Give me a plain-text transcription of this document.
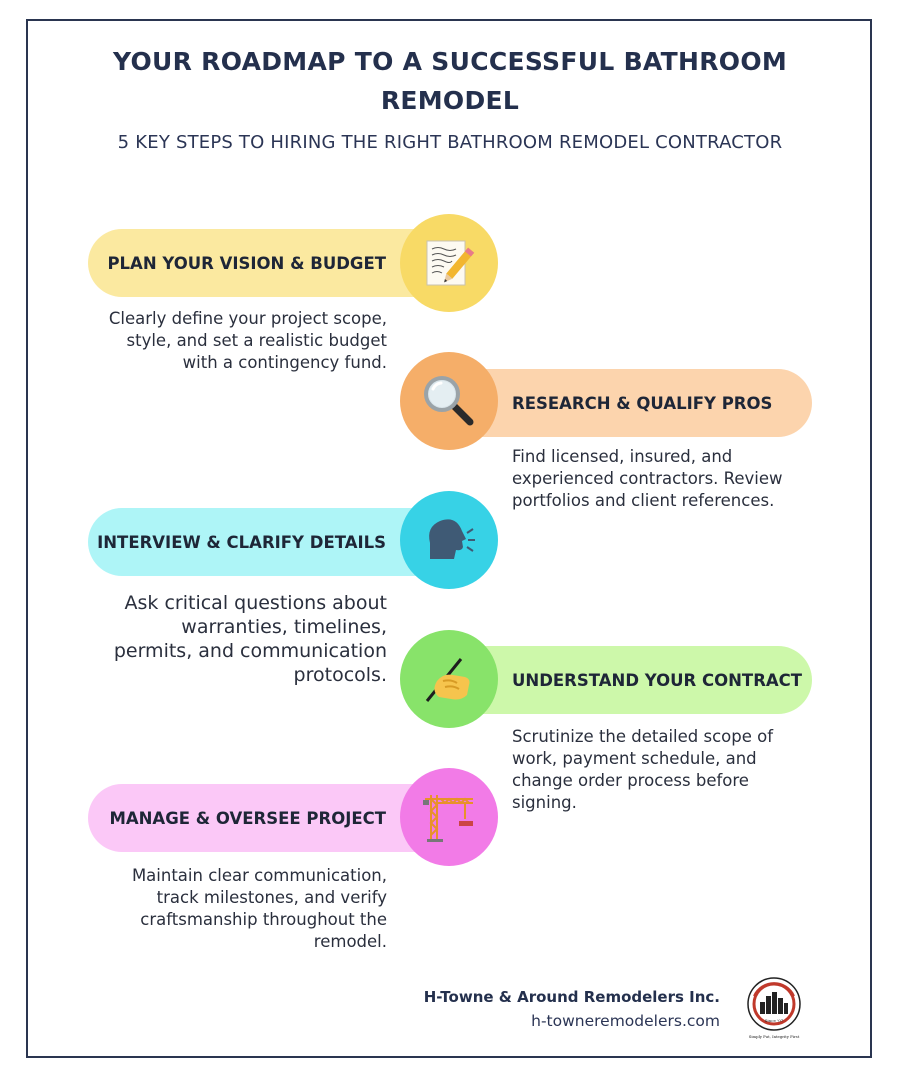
YOUR ROADMAP TO A SUCCESSFUL BATHROOM REMODEL
5 KEY STEPS TO HIRING THE RIGHT BATHROOM REMODEL CONTRACTOR
PLAN YOUR VISION & BUDGET
Clearly define your project scope, style, and set a realistic budget with a contingency fund.
RESEARCH & QUALIFY PROS
Find licensed, insured, and experienced contractors. Review portfolios and client references.
INTERVIEW & CLARIFY DETAILS
Ask critical questions about warranties, timelines, permits, and communication protocols.	UNDERSTAND YOUR CONTRACT
Scrutinize the detailed scope of work, payment schedule, and change order process before signing.
MANAGE & OVERSEE PROJECT
Maintain clear communication, track milestones, and verify craftsmanship throughout the remodel.
H-Towne & Around Remodelers Inc.
h-towneremodelers.com	Since '07
Simply Put, Integrity First
